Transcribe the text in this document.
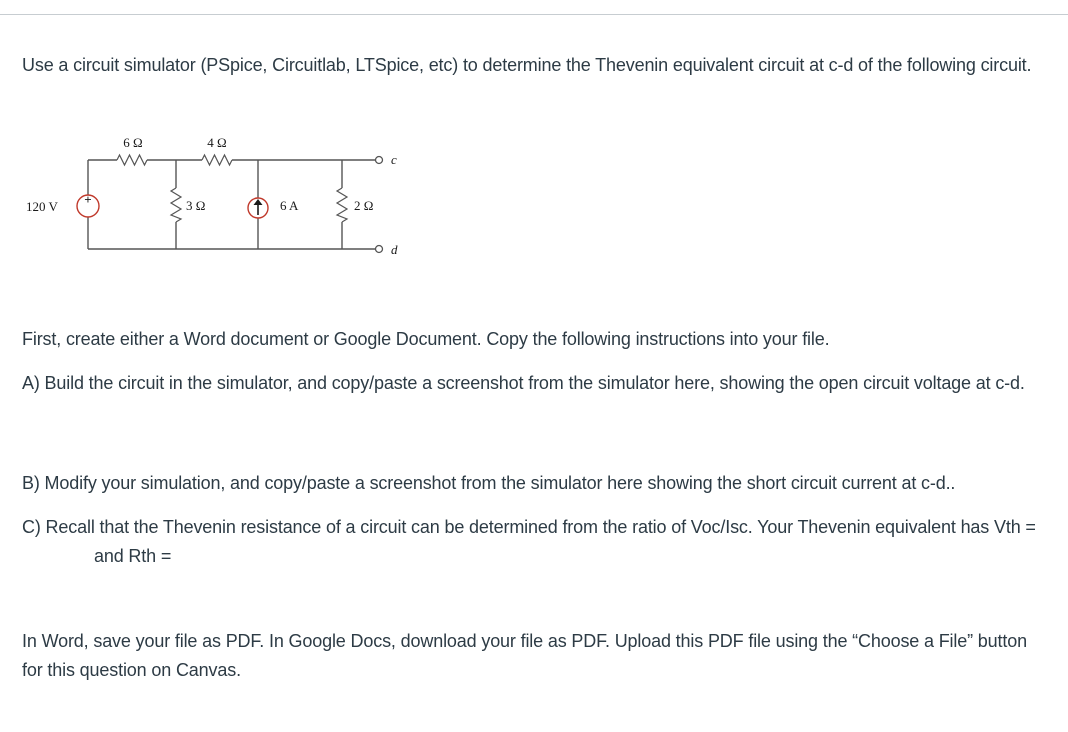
Use a circuit simulator (PSpice, Circuitlab, LTSpice, etc) to determine the Thevenin equivalent circuit at c-d of the following circuit.

+
120 V
6 Ω	4 Ω
3 Ω	6 A	2 Ω
c
d

First, create either a Word document or Google Document. Copy the following instructions into your file.

A) Build the circuit in the simulator, and copy/paste a screenshot from the simulator here, showing the open circuit voltage at c-d.

B) Modify your simulation, and copy/paste a screenshot from the simulator here showing the short circuit current at c-d..

C) Recall that the Thevenin resistance of a circuit can be determined from the ratio of Voc/Isc. Your Thevenin equivalent has Vth =and Rth =

In Word, save your file as PDF. In Google Docs, download your file as PDF. Upload this PDF file using the “Choose a File” button for this question on Canvas.
